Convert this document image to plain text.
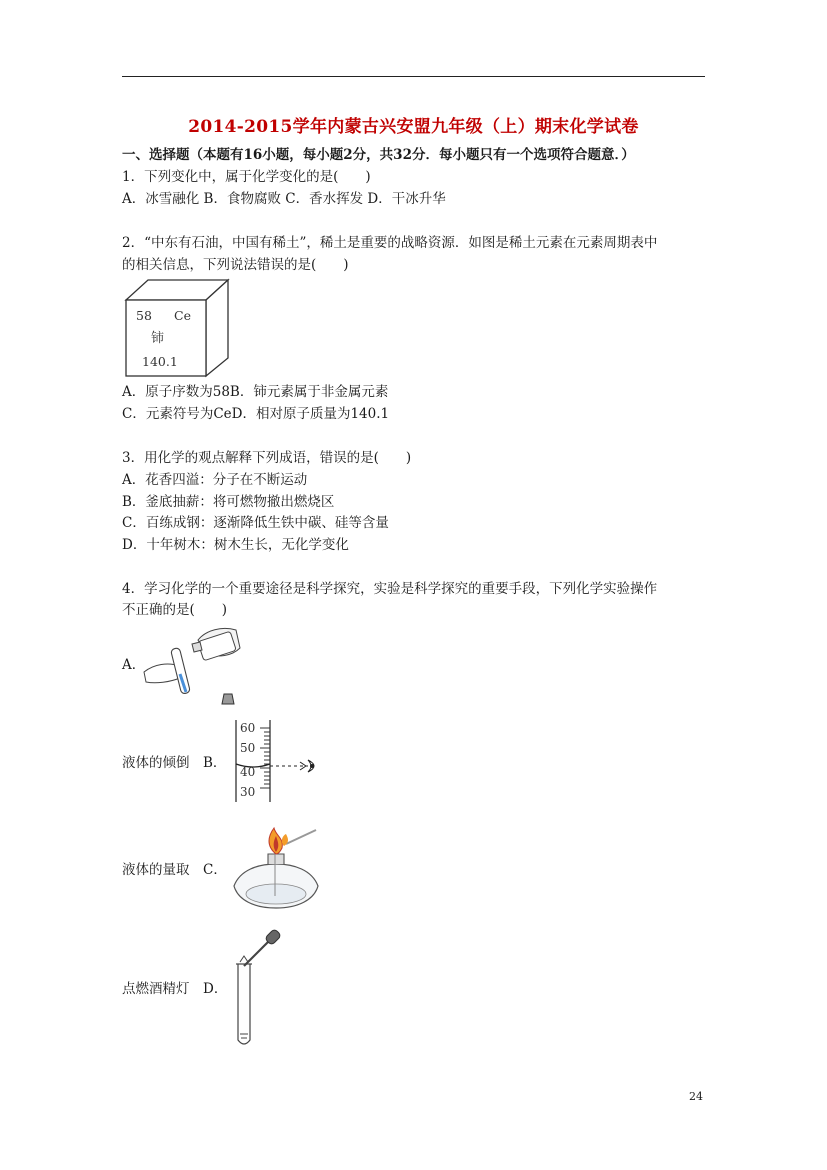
2014-2015学年内蒙古兴安盟九年级（上）期末化学试卷
一、选择题（本题有16小题，每小题2分，共32分．每小题只有一个选项符合题意．）
1．下列变化中，属于化学变化的是(　　)
A．冰雪融化 B．食物腐败 C．香水挥发 D．干冰升华
2．“中东有石油，中国有稀土”，稀土是重要的战略资源．如图是稀土元素在元素周期表中
的相关信息，下列说法错误的是(　　)
58 Ce
铈
140.1
A．原子序数为58B．铈元素属于非金属元素
C．元素符号为CeD．相对原子质量为140.1
3．用化学的观点解释下列成语，错误的是(　　)
A．花香四溢：分子在不断运动
B．釜底抽薪：将可燃物撤出燃烧区
C．百练成钢：逐渐降低生铁中碳、硅等含量
D．十年树木：树木生长，无化学变化
4．学习化学的一个重要途径是科学探究，实验是科学探究的重要手段，下列化学实验操作
不正确的是(　　)
A．
液体的倾倒　B．
60
50
40
30
液体的量取　C．
点燃酒精灯　D．
24
